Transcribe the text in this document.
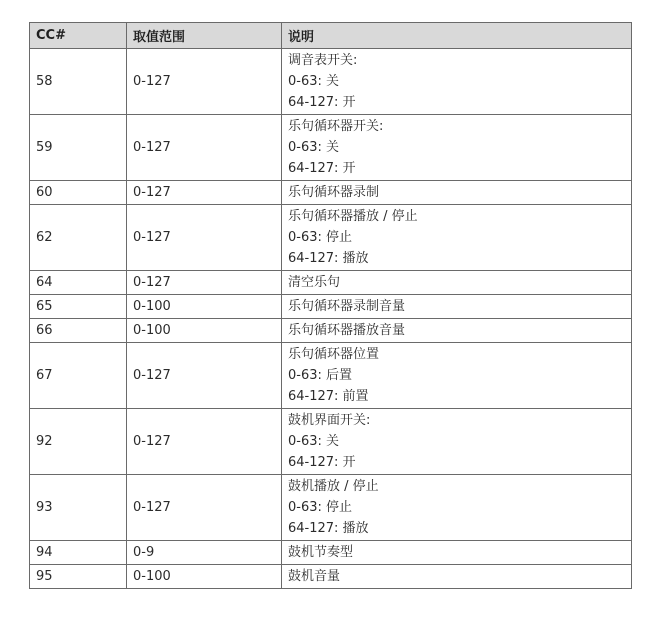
CC#	取值范围	说明
58	0-127	调音表开关:
0-63: 关
64-127: 开

59	0-127	乐句循环器开关:
0-63: 关
64-127: 开

60	0-127	乐句循环器录制

62	0-127	乐句循环器播放 / 停止
0-63: 停止
64-127: 播放

64	0-127	清空乐句

65	0-100	乐句循环器录制音量

66	0-100	乐句循环器播放音量

67	0-127	乐句循环器位置
0-63: 后置
64-127: 前置

92	0-127	鼓机界面开关:
0-63: 关
64-127: 开

93	0-127	鼓机播放 / 停止
0-63: 停止
64-127: 播放

94	0-9	鼓机节奏型

95	0-100	鼓机音量
